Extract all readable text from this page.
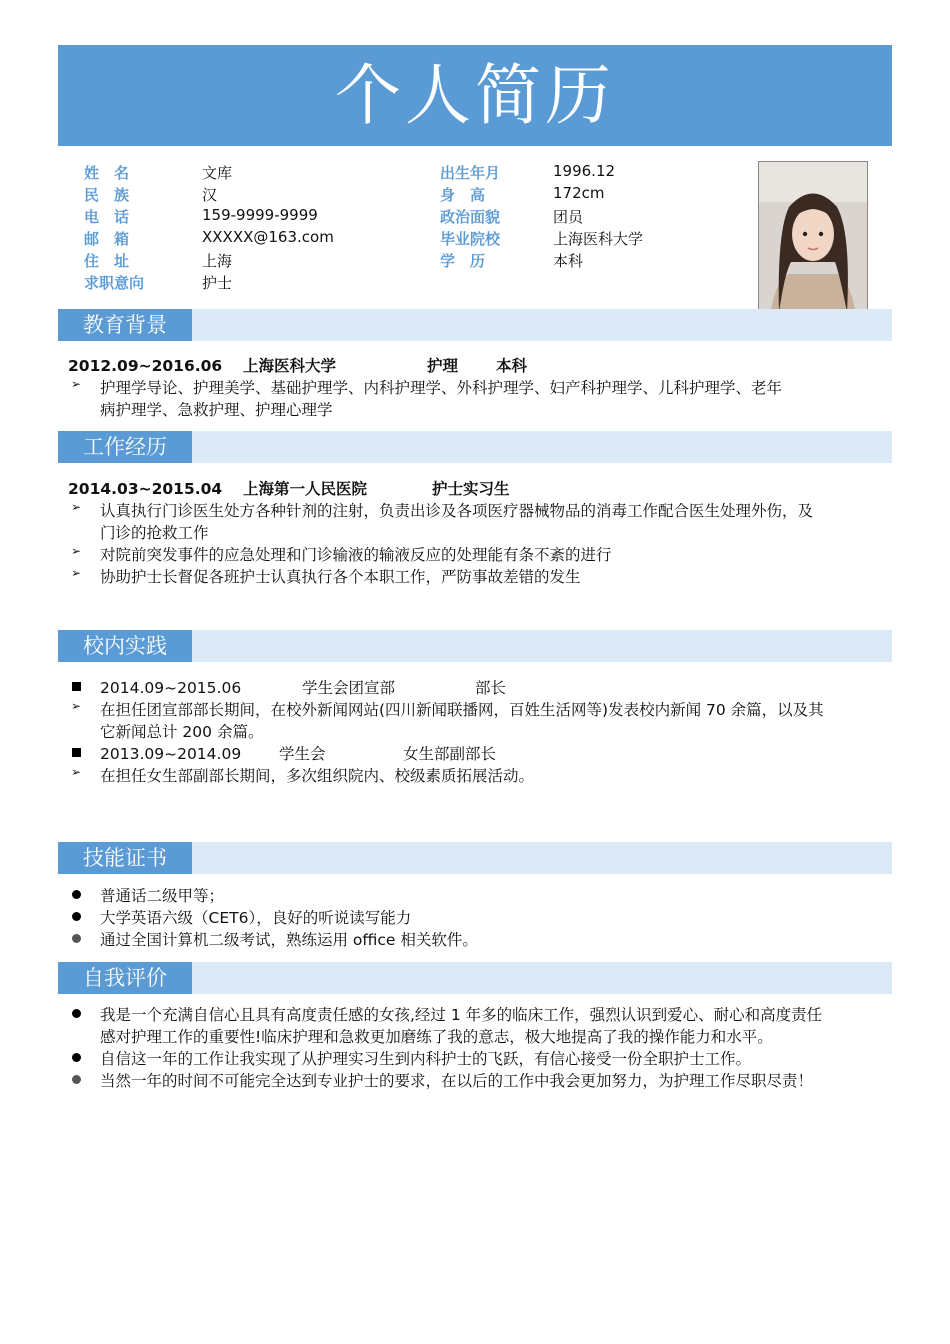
个人简历
姓　名	文库
民　族	汉
电　话	159-9999-9999
邮　箱	XXXXX@163.com
住　址	上海
求职意向	护士
出生年月	1996.12
身　高	172cm
政治面貌	团员
毕业院校	上海医科大学
学　历	本科
教育背景
2012.09~2016.06 上海医科大学	护理 本科
➢ 护理学导论、护理美学、基础护理学、内科护理学、外科护理学、妇产科护理学、儿科护理学、老年
病护理学、急救护理、护理心理学
工作经历
2014.03~2015.04 上海第一人民医院	护士实习生
➢ 认真执行门诊医生处方各种针剂的注射，负责出诊及各项医疗器械物品的消毒工作配合医生处理外伤，及
门诊的抢救工作
➢ 对院前突发事件的应急处理和门诊输液的输液反应的处理能有条不紊的进行
➢ 协助护士长督促各班护士认真执行各个本职工作，严防事故差错的发生
校内实践
2014.09~2015.06	学生会团宣部	部长
➢ 在担任团宣部部长期间，在校外新闻网站(四川新闻联播网，百姓生活网等)发表校内新闻 70 余篇，以及其
它新闻总计 200 余篇。
2013.09~2014.09 学生会	女生部副部长
➢ 在担任女生部副部长期间，多次组织院内、校级素质拓展活动。
技能证书
普通话二级甲等；
大学英语六级（CET6），良好的听说读写能力
通过全国计算机二级考试，熟练运用 office 相关软件。
自我评价
我是一个充满自信心且具有高度责任感的女孩,经过 1 年多的临床工作，强烈认识到爱心、耐心和高度责任
感对护理工作的重要性!临床护理和急救更加磨练了我的意志，极大地提高了我的操作能力和水平。
自信这一年的工作让我实现了从护理实习生到内科护士的飞跃，有信心接受一份全职护士工作。
当然一年的时间不可能完全达到专业护士的要求，在以后的工作中我会更加努力，为护理工作尽职尽责！
